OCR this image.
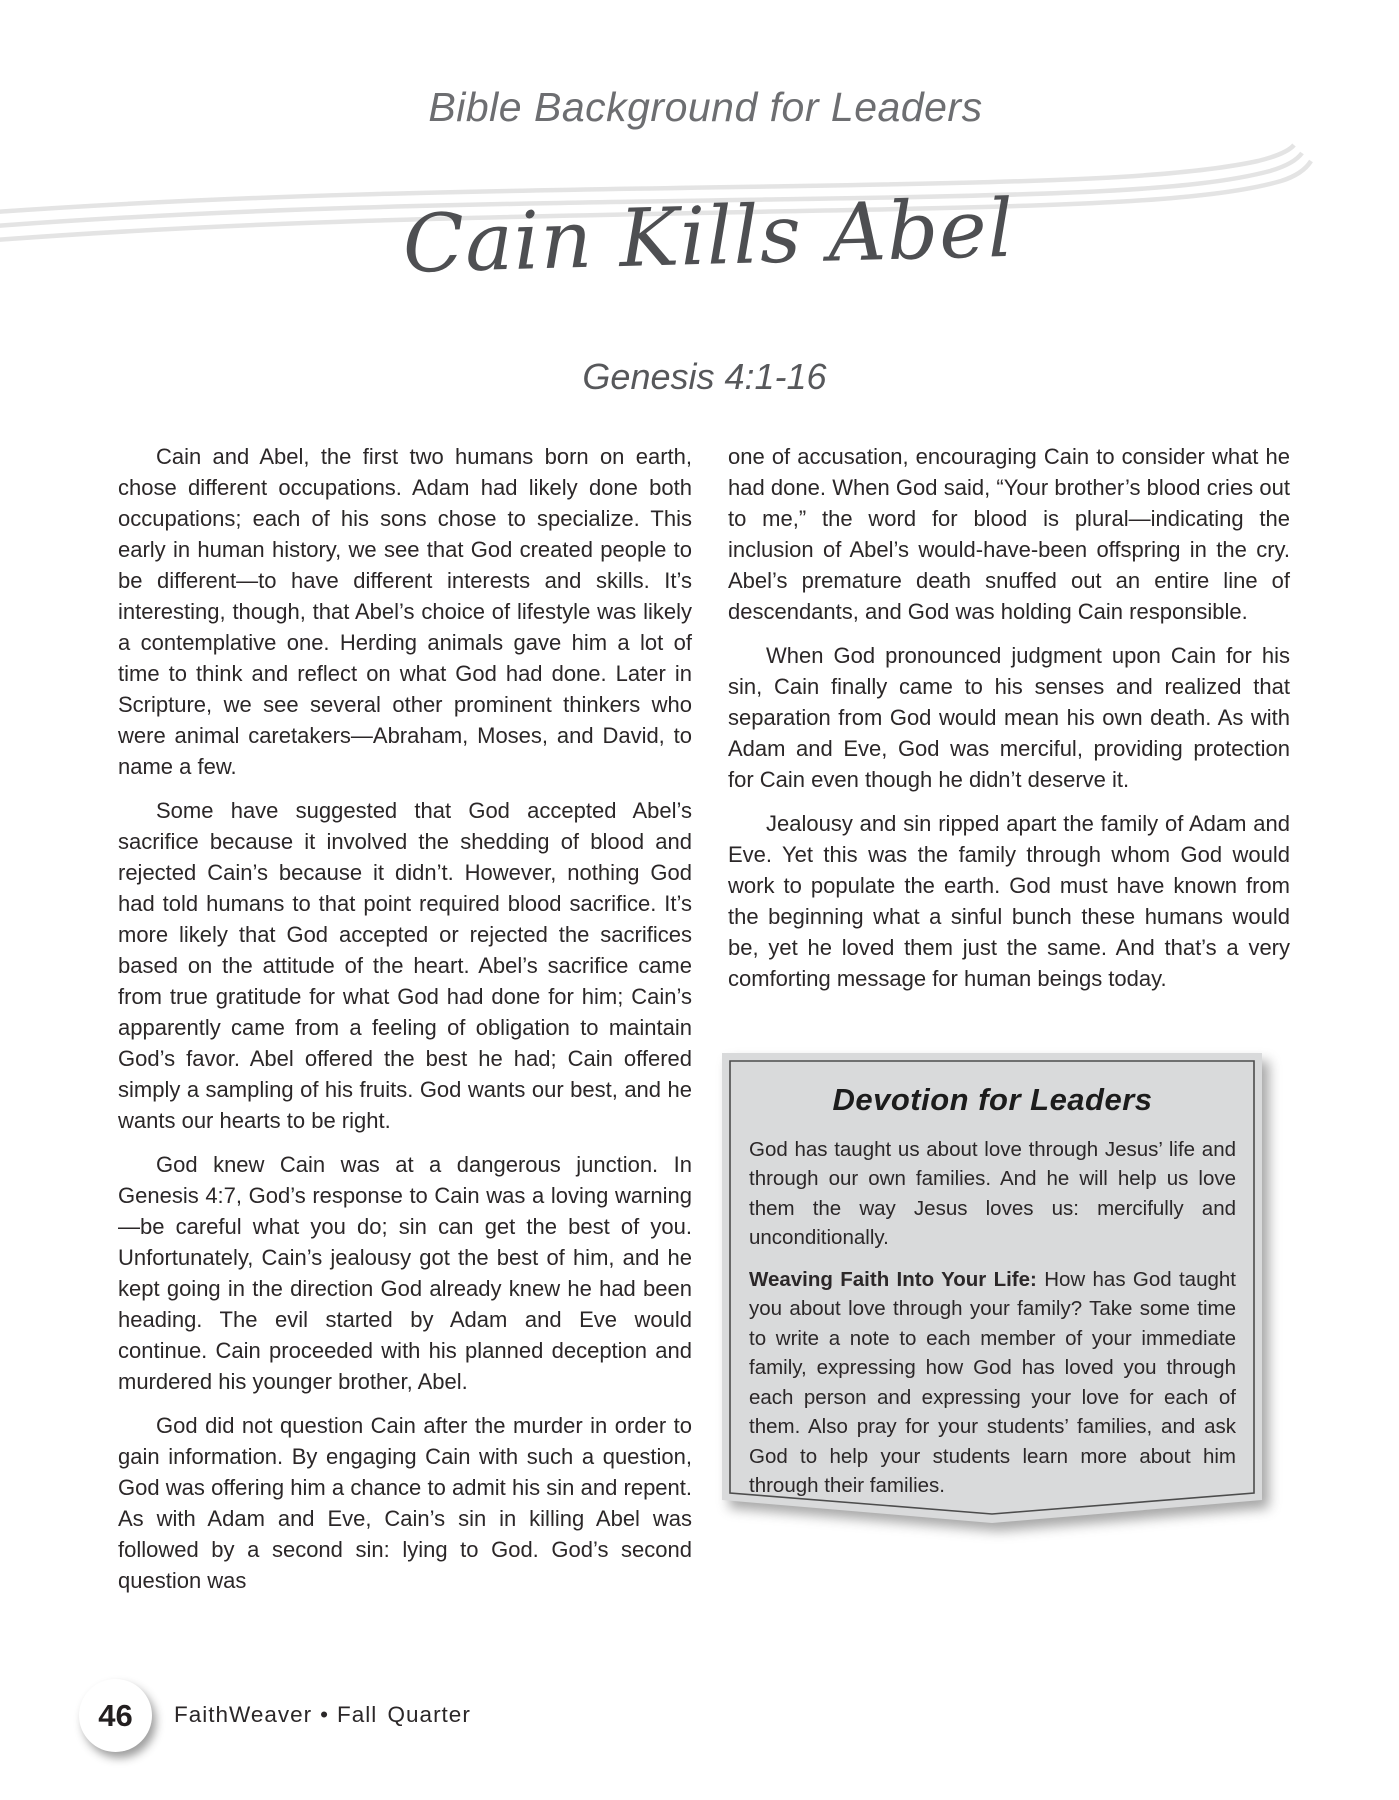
Bible Background for Leaders
Cain Kills Abel
Genesis 4:1-16

Cain and Abel, the first two humans born on earth, chose different occupations. Adam had likely done both occupations; each of his sons chose to specialize. This early in human history, we see that God created people to be different—to have different interests and skills. It’s interesting, though, that Abel’s choice of lifestyle was likely a contemplative one. Herding animals gave him a lot of time to think and reflect on what God had done. Later in Scripture, we see several other prominent thinkers who were animal caretakers—Abraham, Moses, and David, to name a few.

Some have suggested that God accepted Abel’s sacrifice because it involved the shedding of blood and rejected Cain’s because it didn’t. However, nothing God had told humans to that point required blood sacrifice. It’s more likely that God accepted or rejected the sacrifices based on the attitude of the heart. Abel’s sacrifice came from true gratitude for what God had done for him; Cain’s apparently came from a feeling of obligation to maintain God’s favor. Abel offered the best he had; Cain offered simply a sampling of his fruits. God wants our best, and he wants our hearts to be right.

God knew Cain was at a dangerous junction. In Genesis 4:7, God’s response to Cain was a loving warning—be careful what you do; sin can get the best of you. Unfortunately, Cain’s jealousy got the best of him, and he kept going in the direction God already knew he had been heading. The evil started by Adam and Eve would continue. Cain proceeded with his planned deception and murdered his younger brother, Abel.

God did not question Cain after the murder in order to gain information. By engaging Cain with such a question, God was offering him a chance to admit his sin and repent. As with Adam and Eve, Cain’s sin in killing Abel was followed by a second sin: lying to God. God’s second question was

one of accusation, encouraging Cain to consider what he had done. When God said, “Your brother’s blood cries out to me,” the word for blood is plural—indicating the inclusion of Abel’s would-have-been offspring in the cry. Abel’s premature death snuffed out an entire line of descendants, and God was holding Cain responsible.

When God pronounced judgment upon Cain for his sin, Cain finally came to his senses and realized that separation from God would mean his own death. As with Adam and Eve, God was merciful, providing protection for Cain even though he didn’t deserve it.

Jealousy and sin ripped apart the family of Adam and Eve. Yet this was the family through whom God would work to populate the earth. God must have known from the beginning what a sinful bunch these humans would be, yet he loved them just the same. And that’s a very comforting message for human beings today.

Devotion for Leaders

God has taught us about love through Jesus’ life and through our own families. And he will help us love them the way Jesus loves us: mercifully and unconditionally.

Weaving Faith Into Your Life: How has God taught you about love through your family? Take some time to write a note to each member of your immediate family, expressing how God has loved you through each person and expressing your love for each of them. Also pray for your students’ families, and ask God to help your students learn more about him through their families.

46 FaithWeaver • Fall Quarter
